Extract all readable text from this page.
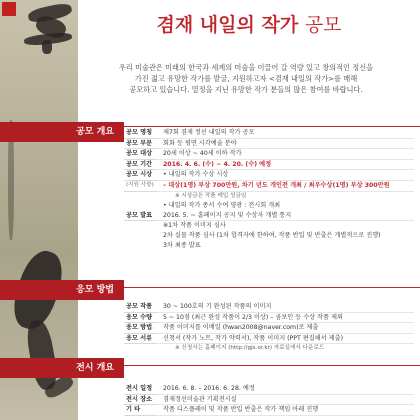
겸재 내일의 작가 공모
우리 미술관은 미래의 한국과 세계의 미술을 이끌어 갈 역량 있고 창의적인 정신을
가진 젊고 유망한 작가를 발굴, 지원하고자 <겸재 내일의 작가>를 매해
공모하고 있습니다. 열정을 지닌 유망한 작가 분들의 많은 참여를 바랍니다.
공모 개요	공모 명칭	제7회 겸재 정선 내일의 작가 공모
공모 부문	회화 등 평면 시각예술 분야
공모 대상	20세 이상 ~ 40세 이하 작가
공모 기간	2016. 4. 6. (수) ~ 4. 20. (수) 예정
공모 시상	• 내일의 작가 수상 시상
(지원 사항)	– 대상(1명) 부상 700만원, 차기 년도 개인전 개최 / 최우수상(1명) 부상 300만원
※ 시상금은 작품 매입 성금임
• 내일의 작가 종서 수여 영광 : 전시회 개최
공모 발표	2016. 5. ~ 홈페이지 공지 및 수상자 개별 통지
※1차 작품 이미지 심사
2차 실물 작품 심사 (1차 합격자에 한하여, 작품 반입 및 반출은 개별적으로 진행)
3차 최종 발표
응모 방법
공모 작품	30 ~ 100호의 기 완성된 작품의 이미지
응모 수량	5 ~ 10점 (최근 완성 작품이 2/3 이상) – 곰보인 등 수상 작품 제외
응모 방법	작품 이미지를 이메일 (hwan2008@naver.com)로 제출
응모 서류	신청서 (작가 노트, 작가 약력서), 작품 이미지 (PPT 편집해서 제출)
※ 신청서는 홈페이지 (http://gjs.or.kr) 자료실에서 다운로드
전시 개요
전시 일정	2016. 6. 8. – 2016. 6. 28. 예정
전시 장소	겸재정선미술관 기획전시실
기 타	작품 디스플레이 및 작품 반입 반출은 작가 책임 아래 진행
